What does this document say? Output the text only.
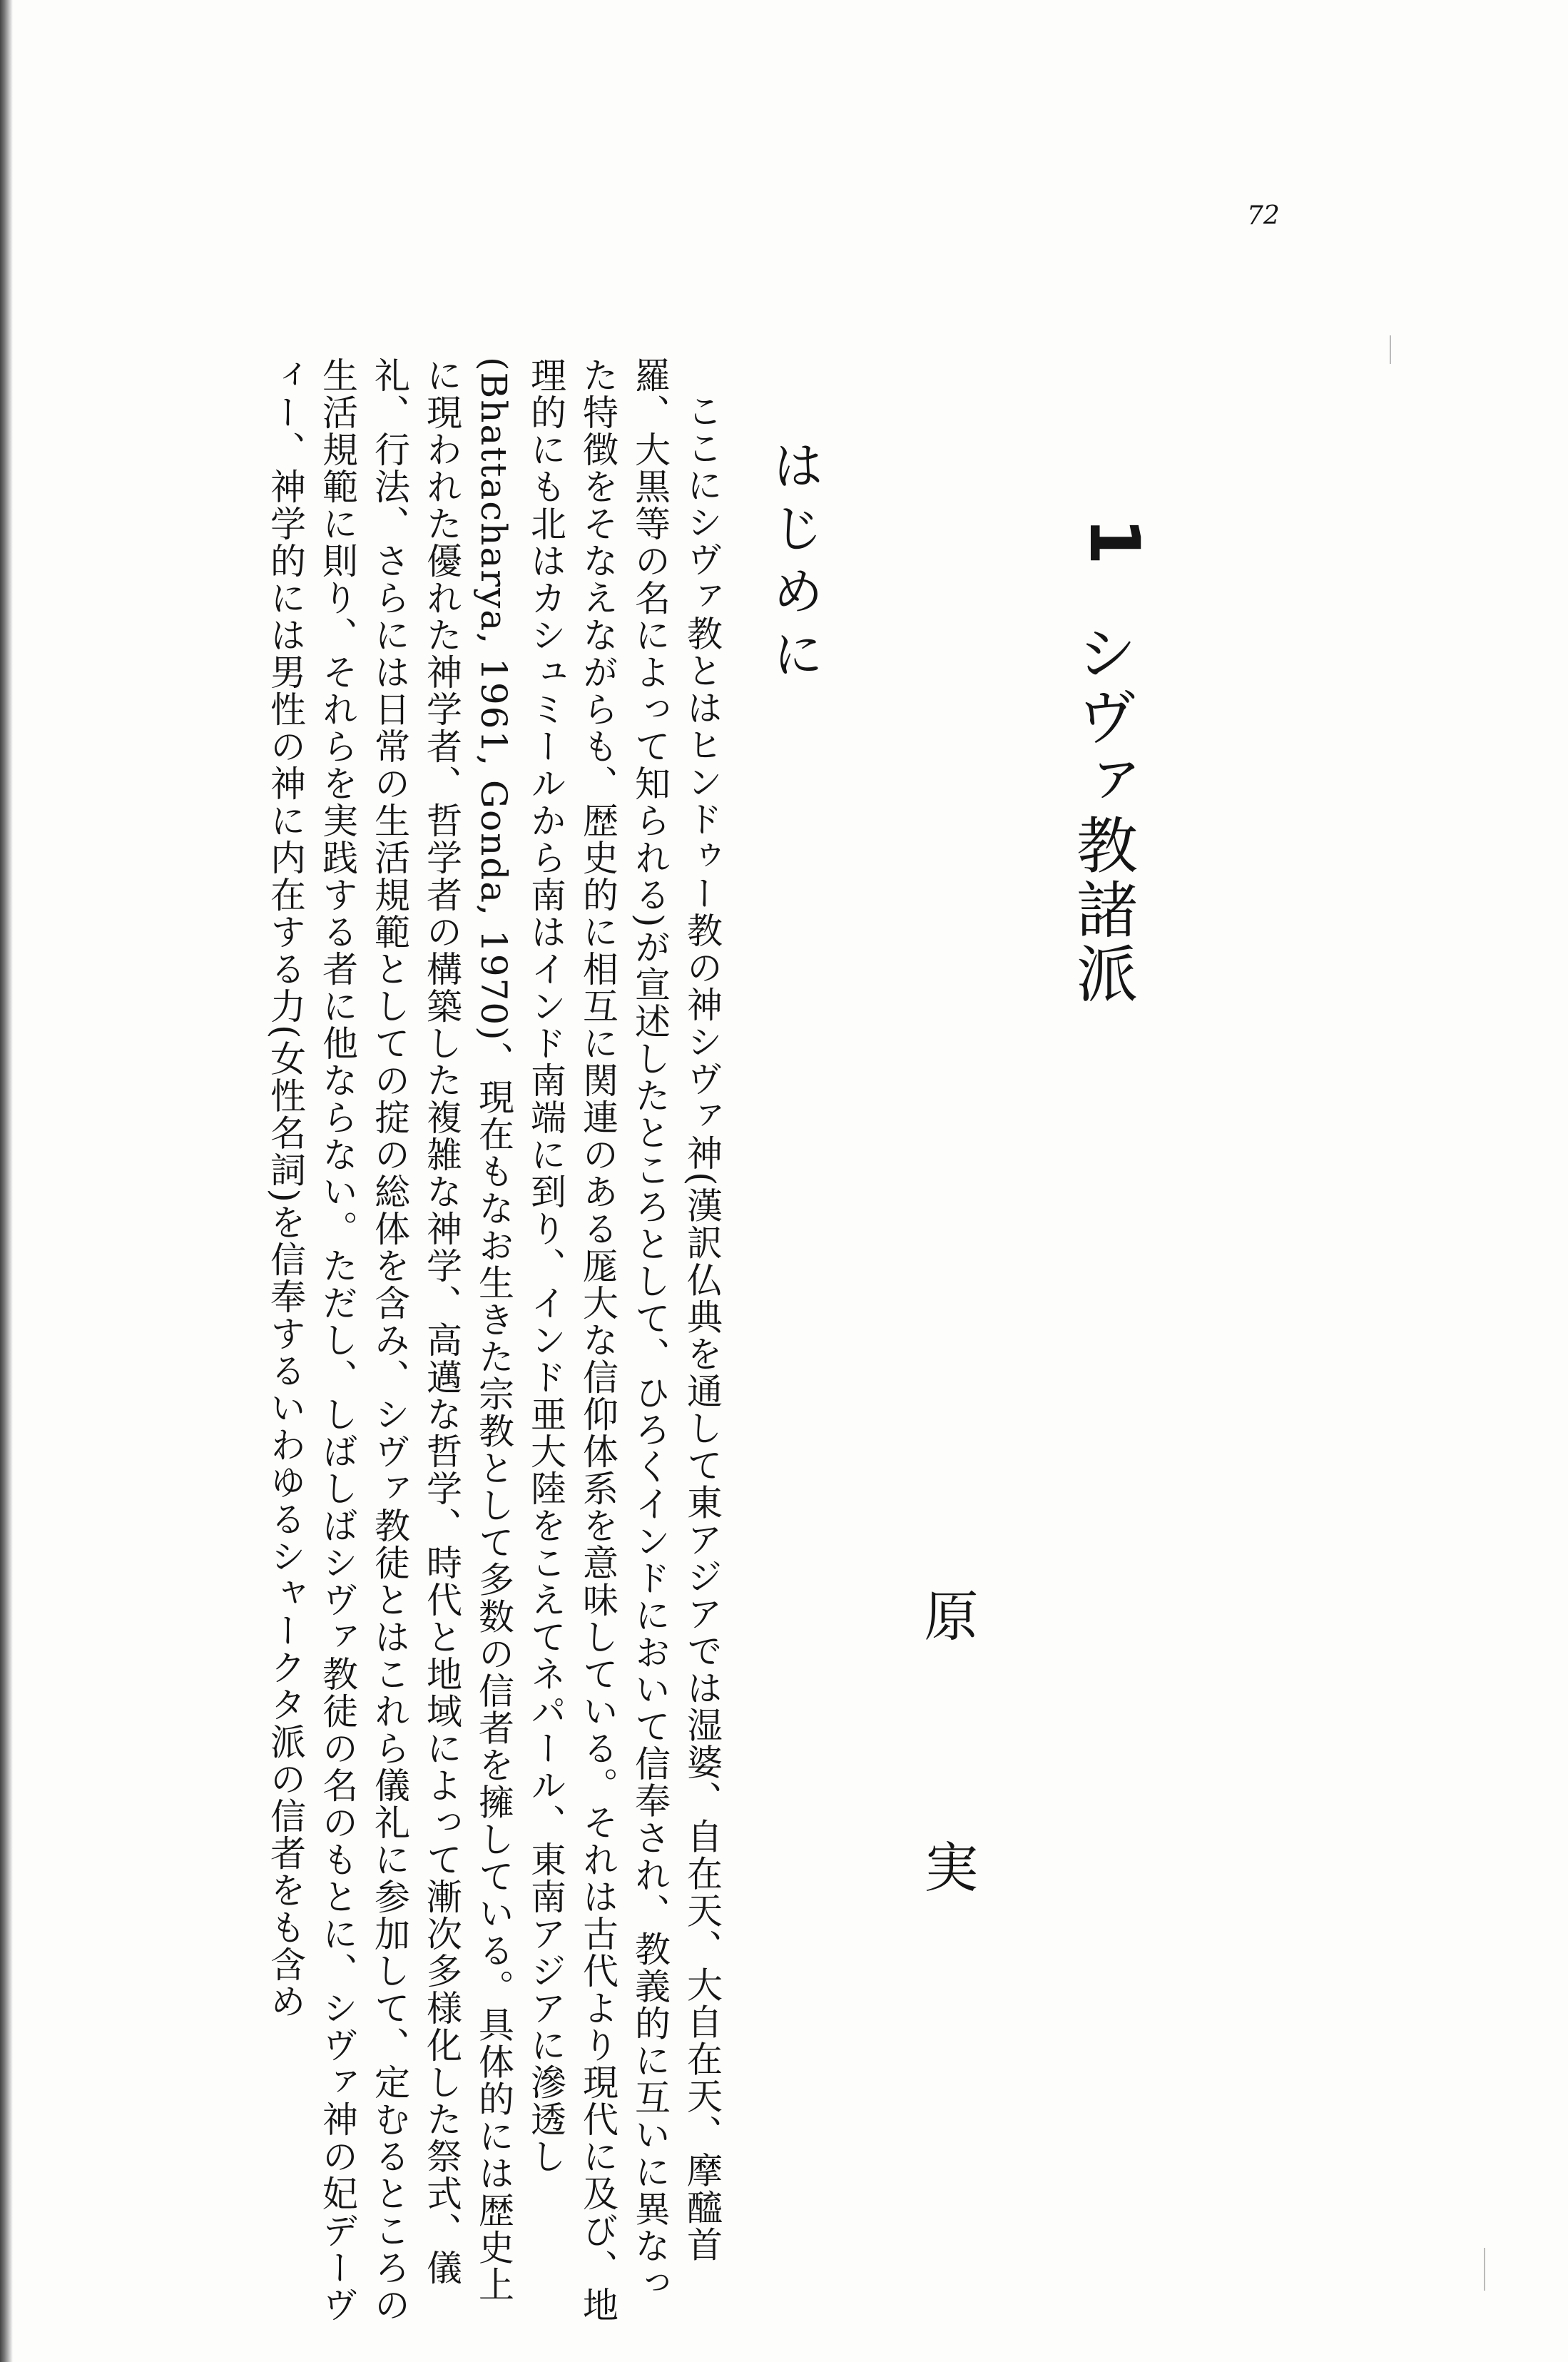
72
1
シヴァ教諸派
原　実
はじめに

ここにシヴァ教とはヒンドゥー教の神シヴァ神(漢訳仏典を通して東アジアでは湿婆、自在天、大自在天、摩醯首羅、大黒等の名によって知られる)が宣述したところとして、ひろくインドにおいて信奉され、教義的に互いに異なった特徴をそなえながらも、歴史的に相互に関連のある厖大な信仰体系を意味している。それは古代より現代に及び、地理的にも北はカシュミールから南はインド南端に到り、インド亜大陸をこえてネパール、東南アジアに滲透し(Bhattacharya, 1961, Gonda, 1970)、現在もなお生きた宗教として多数の信者を擁している。具体的には歴史上に現われた優れた神学者、哲学者の構築した複雑な神学、高邁な哲学、時代と地域によって漸次多様化した祭式、儀礼、行法、さらには日常の生活規範としての掟の総体を含み、シヴァ教徒とはこれら儀礼に参加して、定むるところの生活規範に則り、それらを実践する者に他ならない。ただし、しばしばシヴァ教徒の名のもとに、シヴァ神の妃デーヴィー、神学的には男性の神に内在する力(女性名詞)を信奉するいわゆるシャークタ派の信者をも含め
